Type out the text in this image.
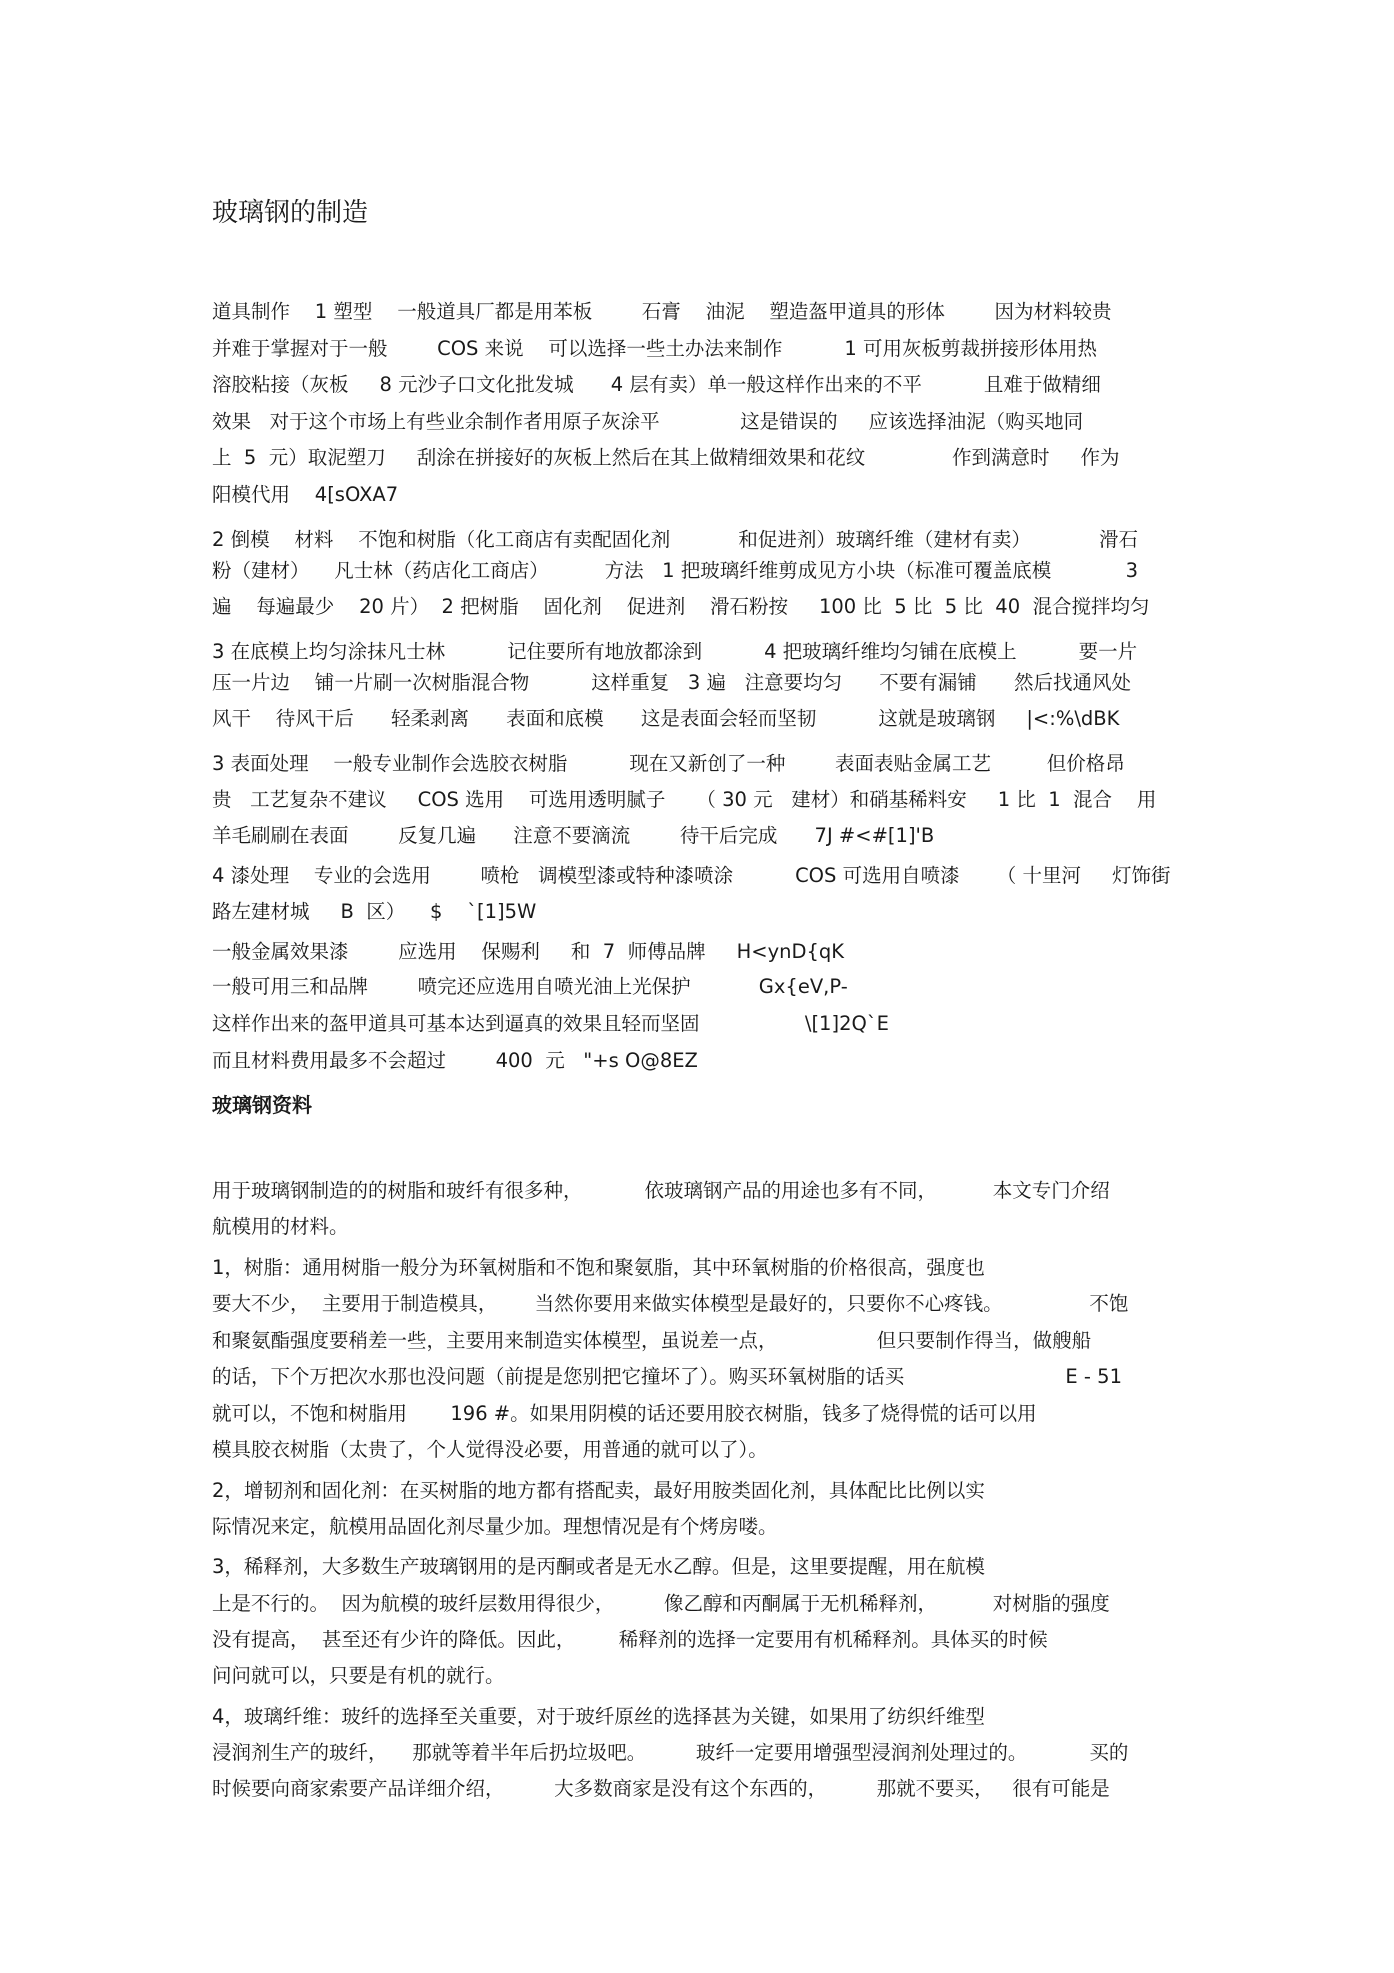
玻璃钢的制造

道具制作    1 塑型    一般道具厂都是用苯板        石膏    油泥    塑造盔甲道具的形体        因为材料较贵

并难于掌握对于一般        COS 来说    可以选择一些土办法来制作          1 可用灰板剪裁拼接形体用热

溶胶粘接（灰板     8 元沙子口文化批发城      4 层有卖）单一般这样作出来的不平          且难于做精细

效果   对于这个市场上有些业余制作者用原子灰涂平             这是错误的     应该选择油泥（购买地同

上  5  元）取泥塑刀     刮涂在拼接好的灰板上然后在其上做精细效果和花纹              作到满意时     作为

阳模代用    4[sOXA7

2 倒模    材料    不饱和树脂（化工商店有卖配固化剂           和促进剂）玻璃纤维（建材有卖）           滑石

粉（建材）    凡士林（药店化工商店）         方法   1 把玻璃纤维剪成见方小块（标准可覆盖底模            3

遍    每遍最少    20 片）  2 把树脂    固化剂    促进剂    滑石粉按     100 比  5 比  5 比  40  混合搅拌均匀

3 在底模上均匀涂抹凡士林          记住要所有地放都涂到          4 把玻璃纤维均匀铺在底模上          要一片

压一片边    铺一片刷一次树脂混合物          这样重复   3 遍   注意要均匀      不要有漏铺      然后找通风处

风干    待风干后      轻柔剥离      表面和底模      这是表面会轻而坚韧          这就是玻璃钢     |<:%\dBK

3 表面处理    一般专业制作会选胶衣树脂          现在又新创了一种        表面表贴金属工艺         但价格昂

贵   工艺复杂不建议     COS 选用    可选用透明腻子     （ 30 元   建材）和硝基稀料安     1 比  1  混合    用

羊毛刷刷在表面        反复几遍      注意不要滴流        待干后完成      7J #<#[1]'B

4 漆处理    专业的会选用        喷枪   调模型漆或特种漆喷涂          COS 可选用自喷漆      （ 十里河     灯饰街

路左建材城     B  区）    $    `[1]5W

一般金属效果漆        应选用    保赐利     和  7  师傅品牌     H<ynD{qK

一般可用三和品牌        喷完还应选用自喷光油上光保护           Gx{eV,P-

这样作出来的盔甲道具可基本达到逼真的效果且轻而坚固                 \[1]2Q`E

而且材料费用最多不会超过        400  元   "+s O@8EZ

玻璃钢资料

用于玻璃钢制造的的树脂和玻纤有很多种，          依玻璃钢产品的用途也多有不同，         本文专门介绍

航模用的材料。

1，树脂：通用树脂一般分为环氧树脂和不饱和聚氨脂，其中环氧树脂的价格很高，强度也

要大不少，  主要用于制造模具，      当然你要用来做实体模型是最好的，只要你不心疼钱。              不饱

和聚氨酯强度要稍差一些，主要用来制造实体模型，虽说差一点，                但只要制作得当，做艘船

的话，下个万把次水那也没问题（前提是您别把它撞坏了）。购买环氧树脂的话买                          E - 51

就可以，不饱和树脂用       196 #。如果用阴模的话还要用胶衣树脂，钱多了烧得慌的话可以用

模具胶衣树脂（太贵了，个人觉得没必要，用普通的就可以了）。

2，增韧剂和固化剂：在买树脂的地方都有搭配卖，最好用胺类固化剂，具体配比比例以实

际情况来定，航模用品固化剂尽量少加。理想情况是有个烤房喽。

3，稀释剂，大多数生产玻璃钢用的是丙酮或者是无水乙醇。但是，这里要提醒，用在航模

上是不行的。  因为航模的玻纤层数用得很少，        像乙醇和丙酮属于无机稀释剂，         对树脂的强度

没有提高，  甚至还有少许的降低。因此，       稀释剂的选择一定要用有机稀释剂。具体买的时候

问问就可以，只要是有机的就行。

4，玻璃纤维：玻纤的选择至关重要，对于玻纤原丝的选择甚为关键，如果用了纺织纤维型

浸润剂生产的玻纤，    那就等着半年后扔垃圾吧。        玻纤一定要用增强型浸润剂处理过的。          买的

时候要向商家索要产品详细介绍，        大多数商家是没有这个东西的，        那就不要买，   很有可能是
